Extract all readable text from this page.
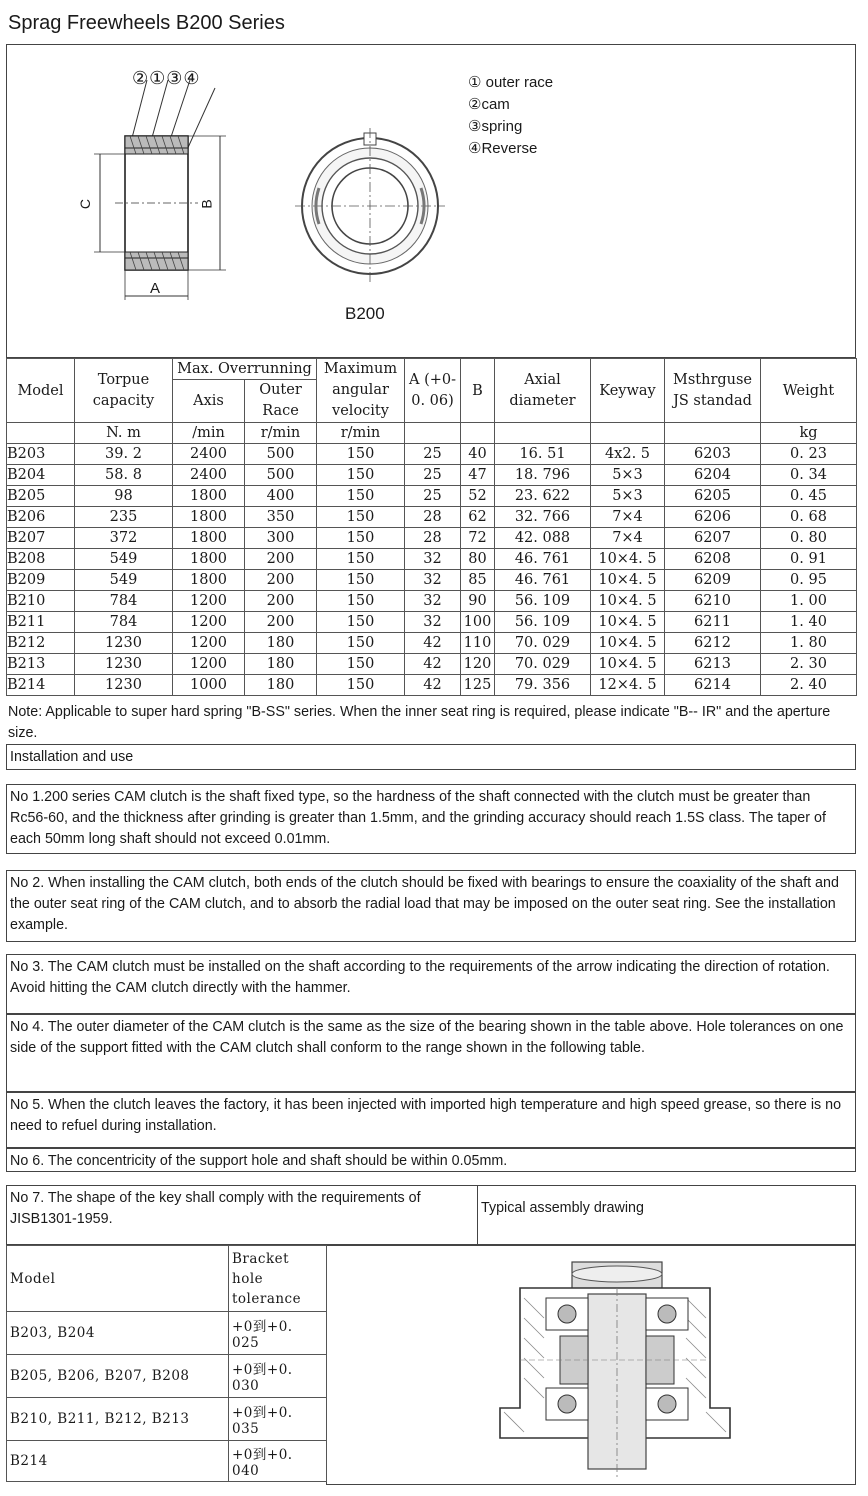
Sprag Freewheels B200 Series
②①③④
C	B
A
① outer race
②cam
③spring
④Reverse
B200
Model	Torpue capacity	Max. Overrunning		Maximum angular velocity	A (+0- 0. 06)	B	Axial diameter	Keyway	Msthrguse JS standad	Weight
		Axis	Outer Race							

	N. m	/min	r/min	r/min						kg
B203	39. 2	2400	500	150	25	40	16. 51	4x2. 5	6203	0. 23
B204	58. 8	2400	500	150	25	47	18. 796	5×3	6204	0. 34
B205	98	1800	400	150	25	52	23. 622	5×3	6205	0. 45
B206	235	1800	350	150	28	62	32. 766	7×4	6206	0. 68
B207	372	1800	300	150	28	72	42. 088	7×4	6207	0. 80
B208	549	1800	200	150	32	80	46. 761	10×4. 5	6208	0. 91
B209	549	1800	200	150	32	85	46. 761	10×4. 5	6209	0. 95
B210	784	1200	200	150	32	90	56. 109	10×4. 5	6210	1. 00
B211	784	1200	200	150	32	100	56. 109	10×4. 5	6211	1. 40
B212	1230	1200	180	150	42	110	70. 029	10×4. 5	6212	1. 80
B213	1230	1200	180	150	42	120	70. 029	10×4. 5	6213	2. 30
B214	1230	1000	180	150	42	125	79. 356	12×4. 5	6214	2. 40
Note: Applicable to super hard spring "B-SS" series. When the inner seat ring is required, please indicate "B-- IR" and the aperture size.
Installation and use
No 1.200 series CAM clutch is the shaft fixed type, so the hardness of the shaft connected with the clutch must be greater than Rc56-60, and the thickness after grinding is greater than 1.5mm, and the grinding accuracy should reach 1.5S class. The taper of each 50mm long shaft should not exceed 0.01mm.
No 2. When installing the CAM clutch, both ends of the clutch should be fixed with bearings to ensure the coaxiality of the shaft and the outer seat ring of the CAM clutch, and to absorb the radial load that may be imposed on the outer seat ring. See the installation example.
No 3. The CAM clutch must be installed on the shaft according to the requirements of the arrow indicating the direction of rotation. Avoid hitting the CAM clutch directly with the hammer.
No 4. The outer diameter of the CAM clutch is the same as the size of the bearing shown in the table above. Hole tolerances on one side of the support fitted with the CAM clutch shall conform to the range shown in the following table.
No 5. When the clutch leaves the factory, it has been injected with imported high temperature and high speed grease, so there is no need to refuel during installation.
No 6. The concentricity of the support hole and shaft should be within 0.05mm.
No 7. The shape of the key shall comply with the requirements of JISB1301-1959.
Typical assembly drawing
Model	Bracket hole tolerance
B203, B204	+0到+0. 025
B205, B206, B207, B208	+0到+0. 030
B210, B211, B212, B213	+0到+0. 035
B214	+0到+0. 040
